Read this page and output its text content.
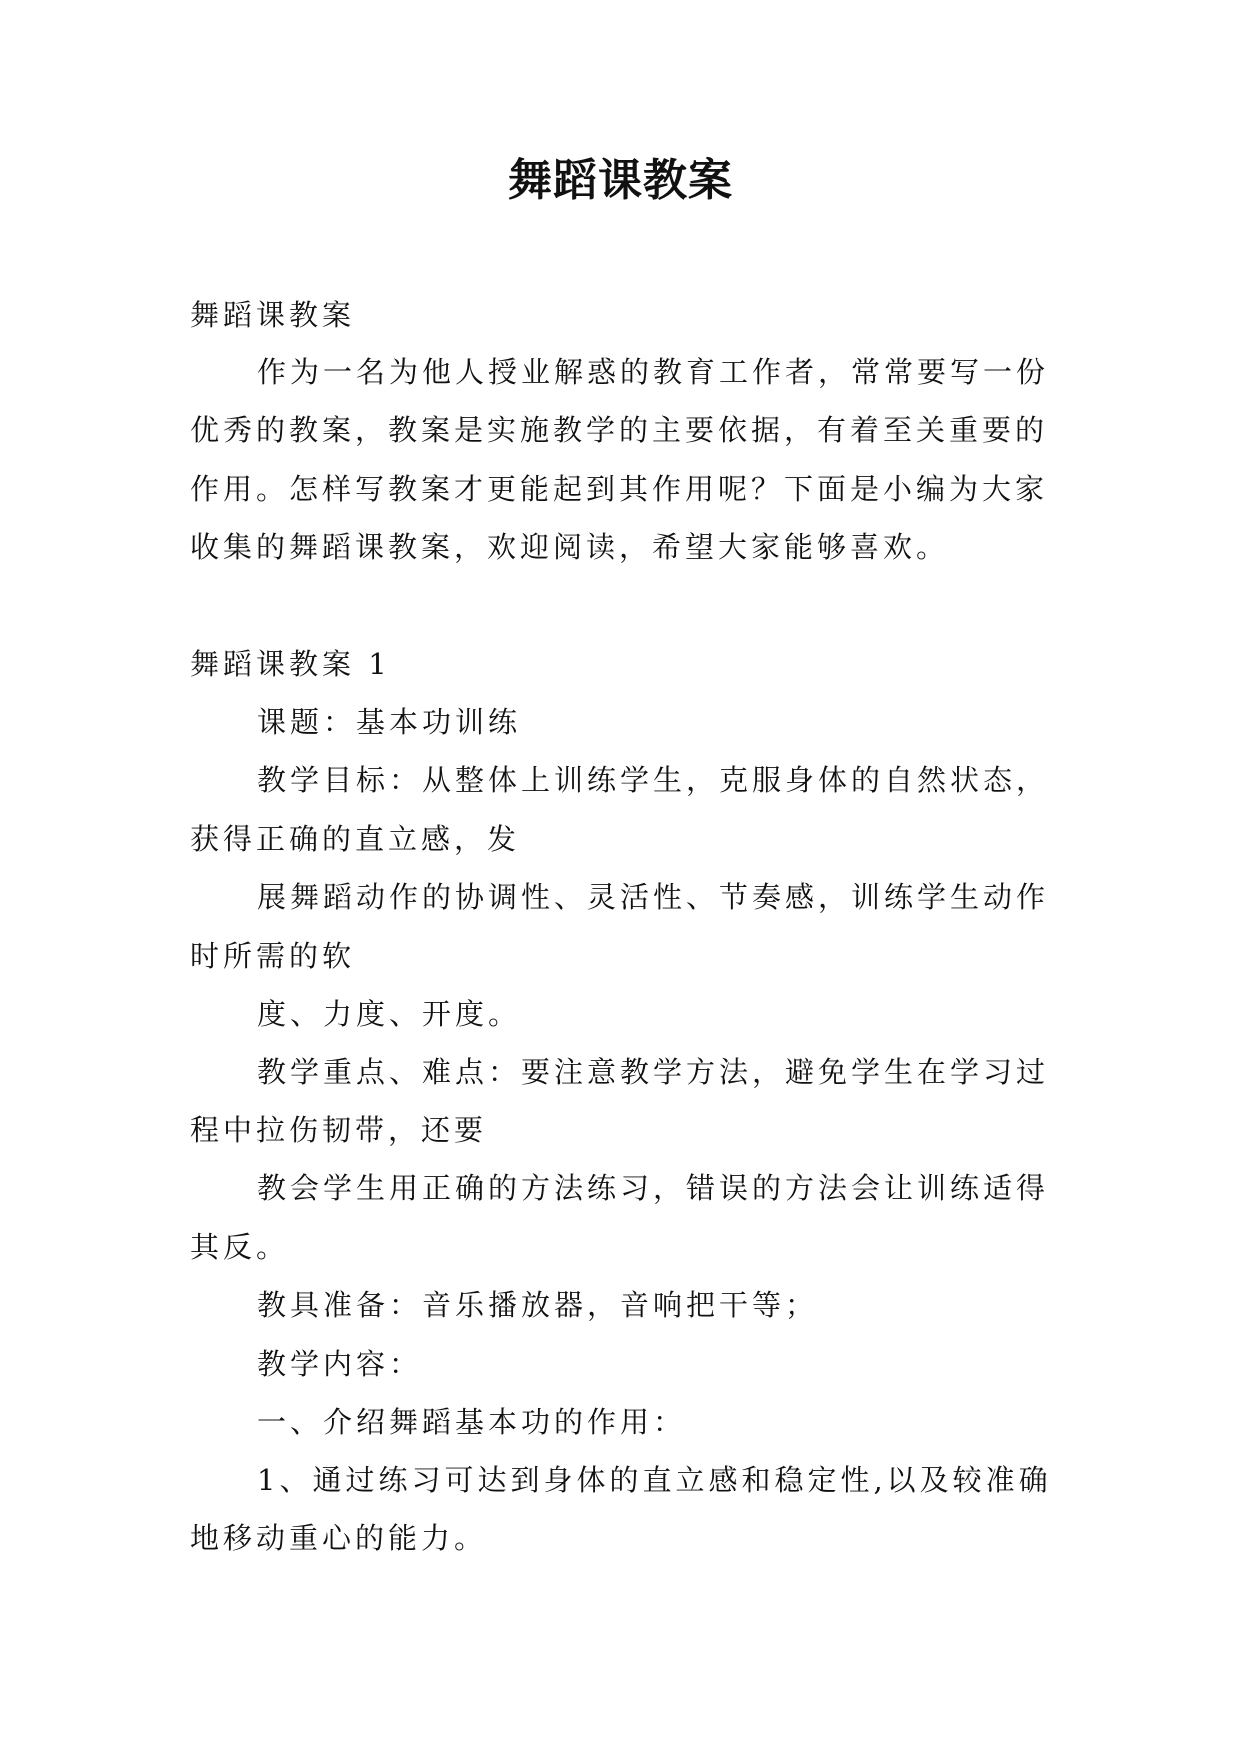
舞蹈课教案
舞蹈课教案
作为一名为他人授业解惑的教育工作者，常常要写一份
优秀的教案，教案是实施教学的主要依据，有着至关重要的
作用。怎样写教案才更能起到其作用呢？下面是小编为大家
收集的舞蹈课教案，欢迎阅读，希望大家能够喜欢。
舞蹈课教案 1
课题：基本功训练
教学目标：从整体上训练学生，克服身体的自然状态，
获得正确的直立感，发
展舞蹈动作的协调性、灵活性、节奏感，训练学生动作
时所需的软
度、力度、开度。
教学重点、难点：要注意教学方法，避免学生在学习过
程中拉伤韧带，还要
教会学生用正确的方法练习，错误的方法会让训练适得
其反。
教具准备：音乐播放器，音响把干等；
教学内容：
一、介绍舞蹈基本功的作用：
1、通过练习可达到身体的直立感和稳定性,以及较准确
地移动重心的能力。
